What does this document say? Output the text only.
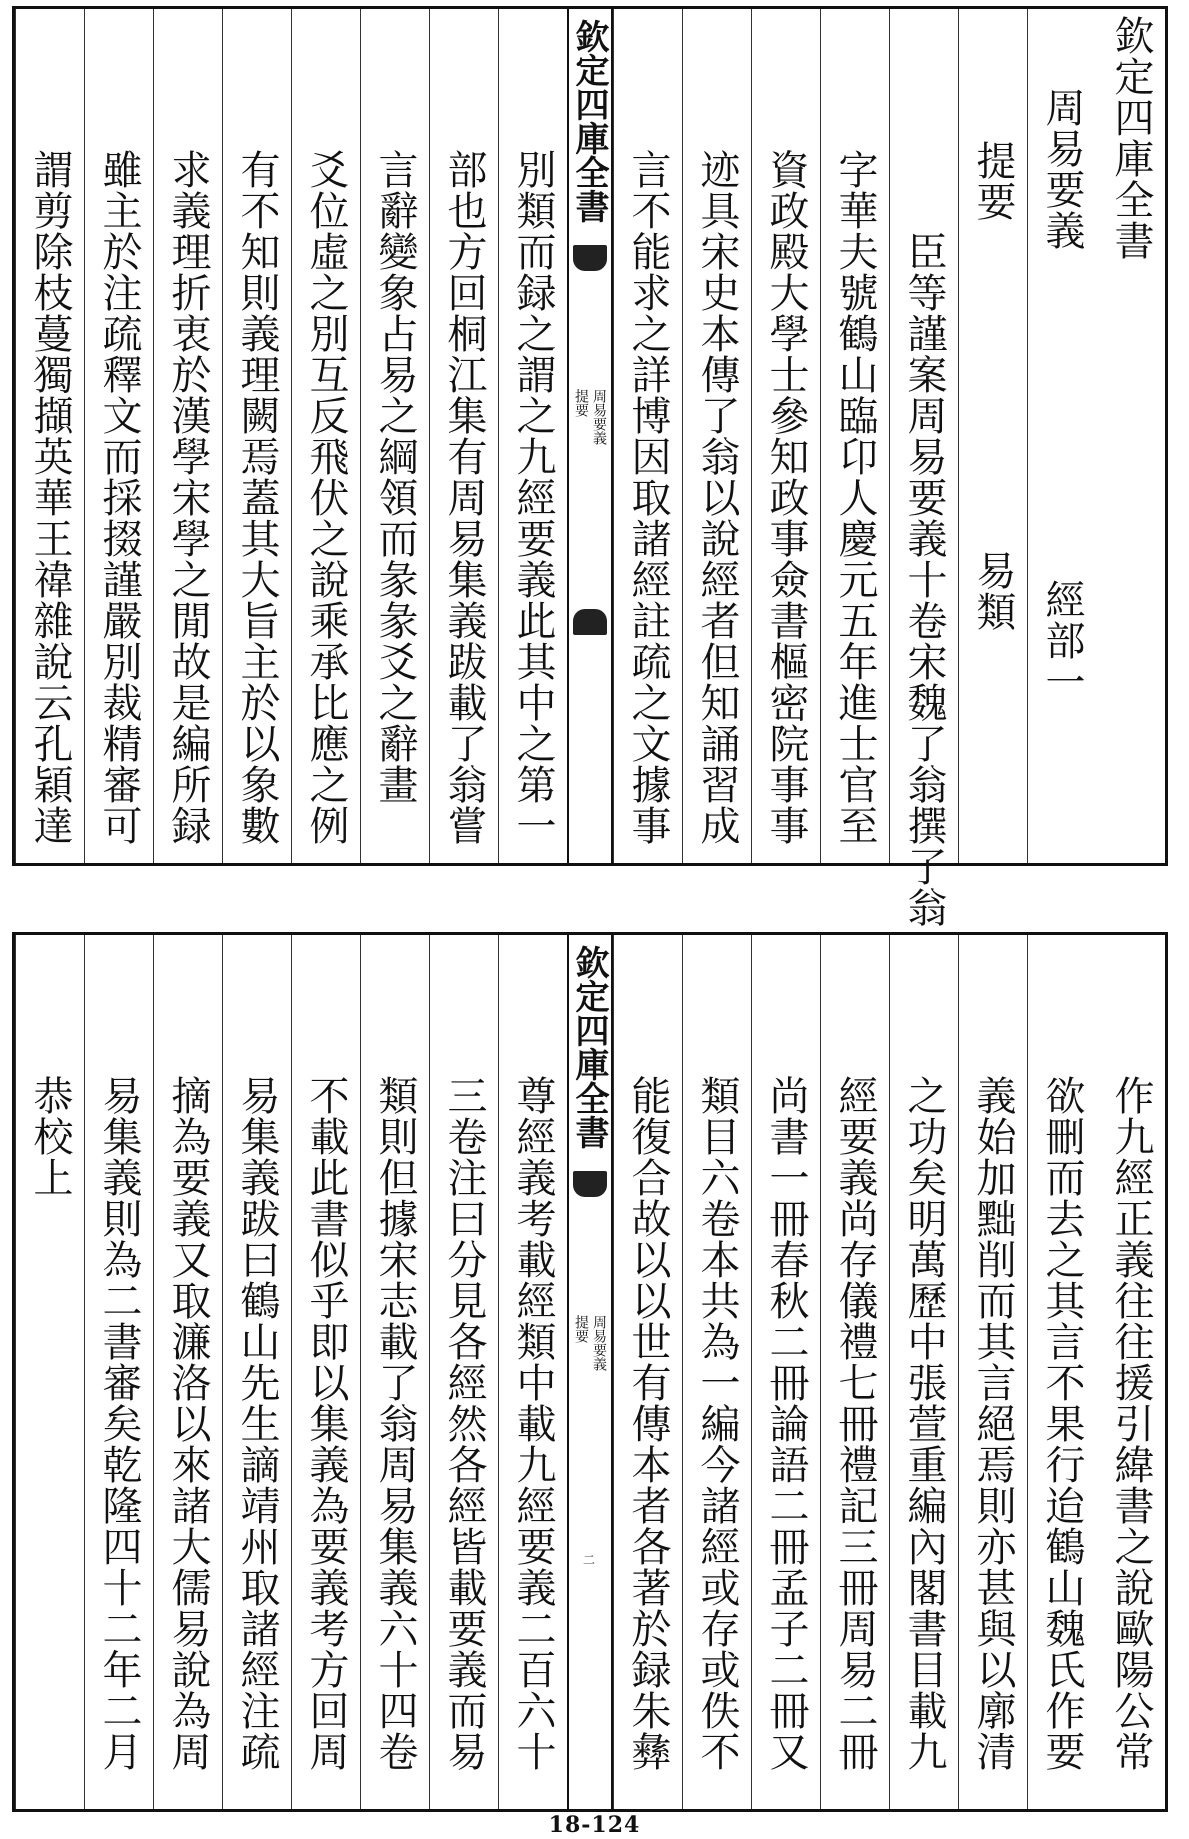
欽定四庫全書
周易要義　　　　　　　　經部一
　提要　　　　　　　　易類
　　臣等謹案周易要義十卷宋魏了翁撰了翁
字華夫號鶴山臨卬人慶元五年進士官至
資政殿大學士參知政事僉書樞密院事事
迹具宋史本傳了翁以說經者但知誦習成
言不能求之詳博因取諸經註疏之文據事
欽定四庫全書
周易要義
提要
別類而録之謂之九經要義此其中之第一
部也方回桐江集有周易集義跋載了翁嘗
言辭變象占易之綱領而彖彖爻之辭畫
爻位虛之別互反飛伏之說乘承比應之例
有不知則義理闕焉蓋其大旨主於以象數
求義理折衷於漢學宋學之閒故是編所録
雖主於注疏釋文而採掇謹嚴別裁精審可
謂剪除枝蔓獨擷英華王禕雜說云孔穎達
作九經正義往往援引緯書之說歐陽公常
欲刪而去之其言不果行迨鶴山魏氏作要
義始加黜削而其言絕焉則亦甚與以廓清
之功矣明萬歷中張萱重編內閣書目載九
經要義尚存儀禮七冊禮記三冊周易二冊
尚書一冊春秋二冊論語二冊孟子二冊又
類目六卷本共為一編今諸經或存或佚不
能復合故以以世有傳本者各著於録朱彝
欽定四庫全書
周易要義
提要
二
尊經義考載經類中載九經要義二百六十
三卷注曰分見各經然各經皆載要義而易
類則但據宋志載了翁周易集義六十四卷
不載此書似乎即以集義為要義考方回周
易集義跋曰鶴山先生謫靖州取諸經注疏
摘為要義又取濂洛以來諸大儒易說為周
易集義則為二書審矣乾隆四十二年二月
恭校上
18-124
